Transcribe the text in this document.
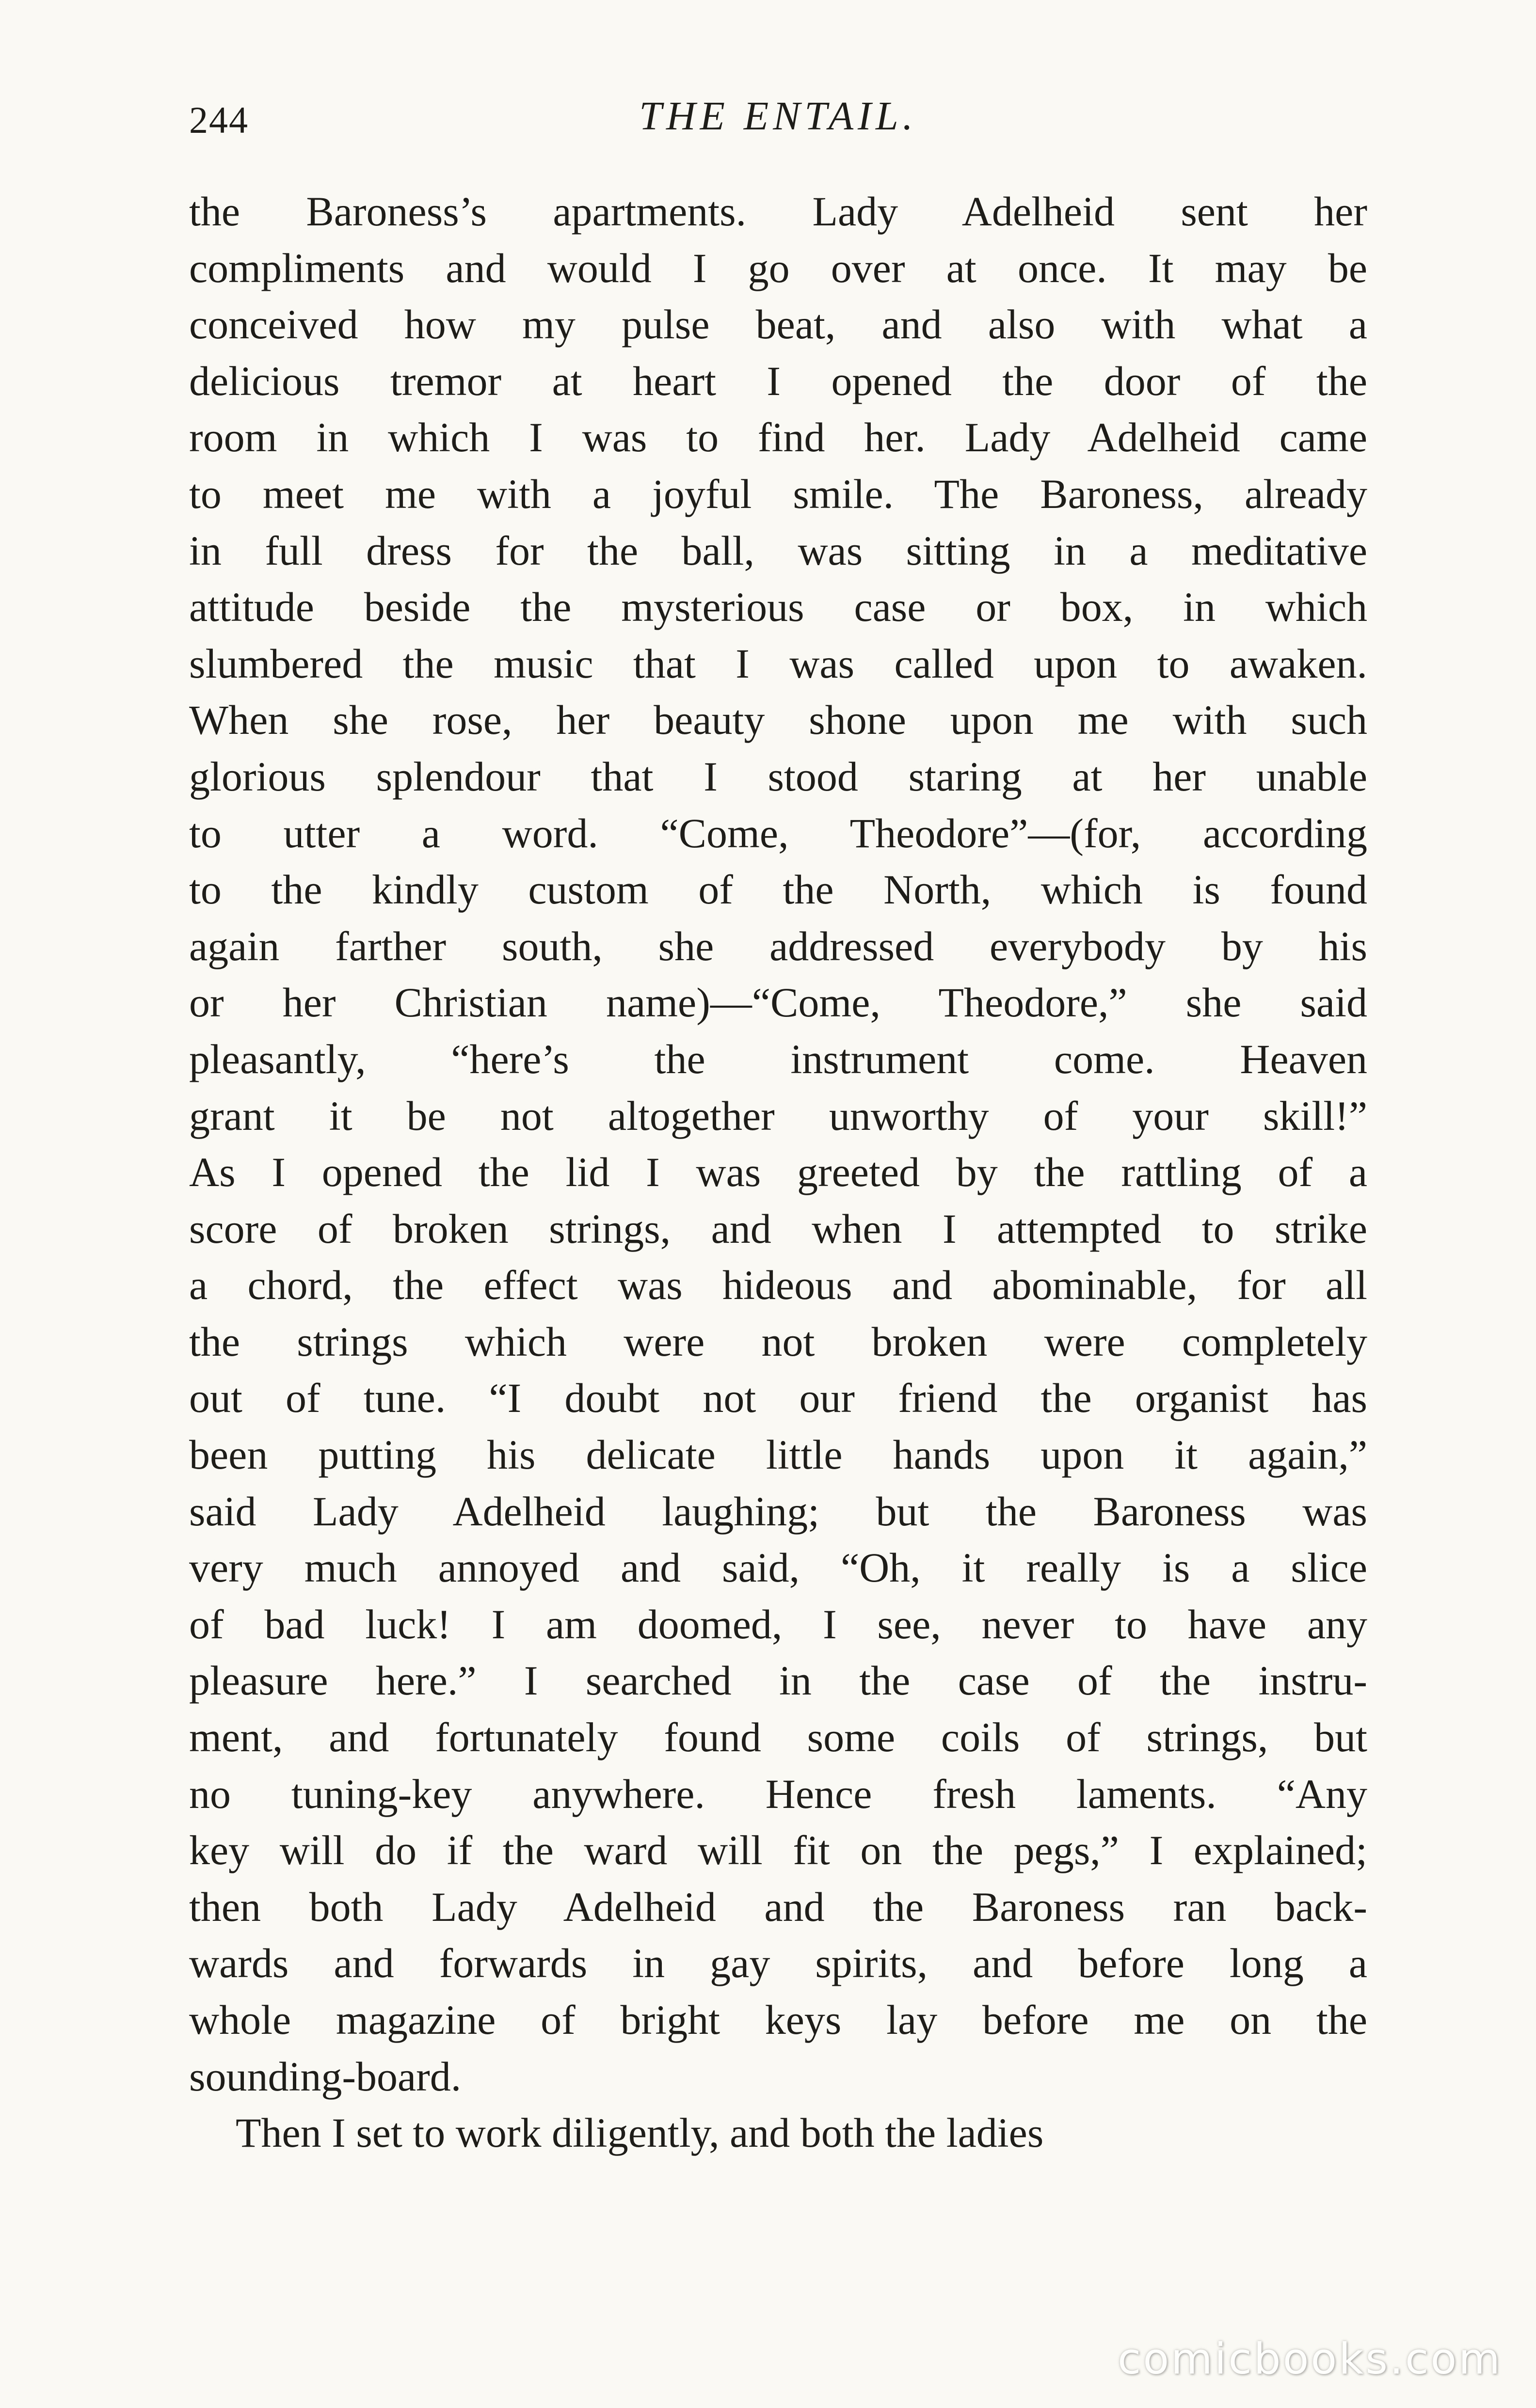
244	THE ENTAIL.
the Baroness’s apartments. Lady Adelheid sent her
compliments and would I go over at once. It may be
conceived how my pulse beat, and also with what a
delicious tremor at heart I opened the door of the
room in which I was to find her. Lady Adelheid came
to meet me with a joyful smile. The Baroness, already
in full dress for the ball, was sitting in a meditative
attitude beside the mysterious case or box, in which
slumbered the music that I was called upon to awaken.
When she rose, her beauty shone upon me with such
glorious splendour that I stood staring at her unable
to utter a word. “Come, Theodore”—(for, according
to the kindly custom of the North, which is found
again farther south, she addressed everybody by his
or her Christian name)—“Come, Theodore,” she said
pleasantly, “here’s the instrument come. Heaven
grant it be not altogether unworthy of your skill!”
As I opened the lid I was greeted by the rattling of a
score of broken strings, and when I attempted to strike
a chord, the effect was hideous and abominable, for all
the strings which were not broken were completely
out of tune. “I doubt not our friend the organist has
been putting his delicate little hands upon it again,”
said Lady Adelheid laughing; but the Baroness was
very much annoyed and said, “Oh, it really is a slice
of bad luck! I am doomed, I see, never to have any
pleasure here.” I searched in the case of the instru-
ment, and fortunately found some coils of strings, but
no tuning-key anywhere. Hence fresh laments. “Any
key will do if the ward will fit on the pegs,” I explained;
then both Lady Adelheid and the Baroness ran back-
wards and forwards in gay spirits, and before long a
whole magazine of bright keys lay before me on the
sounding-board.
Then I set to work diligently, and both the ladies
comicbooks.com
